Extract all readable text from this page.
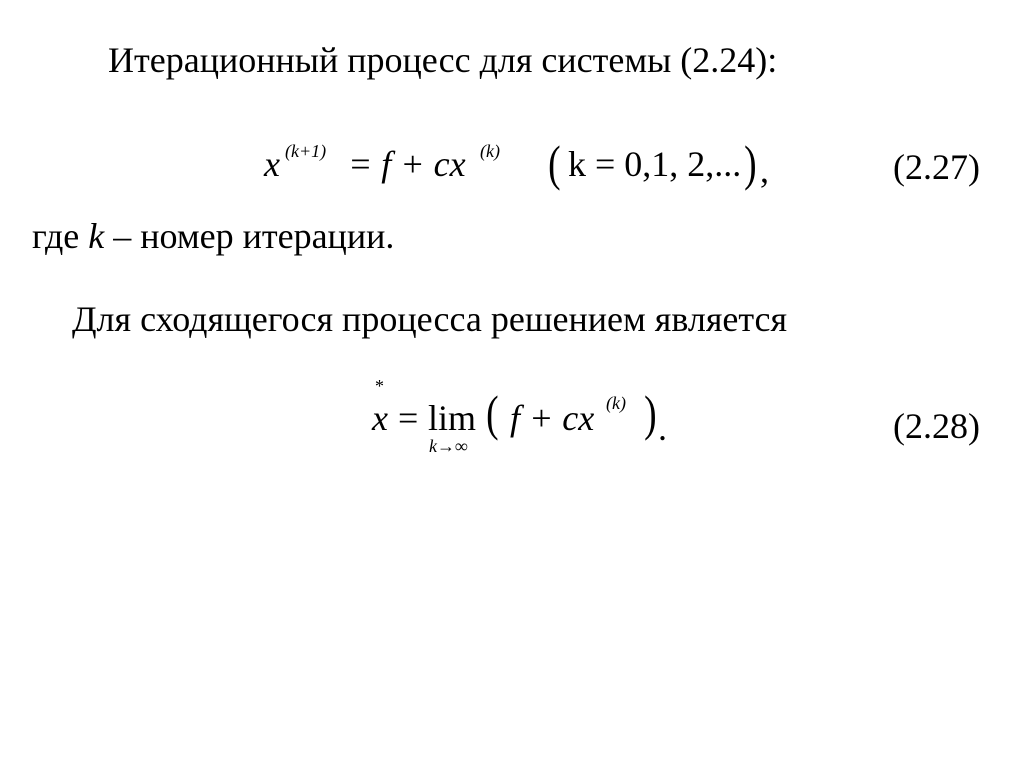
Итерационный процесс для системы (2.24):
x (k+1) = f + cx (k) ( k = 0,1, 2,... ) ,	(2.27)
где k – номер итерации.
Для сходящегося процесса решением является
*
x = lim
k→∞
( f + cx (k) ) .	(2.28)
